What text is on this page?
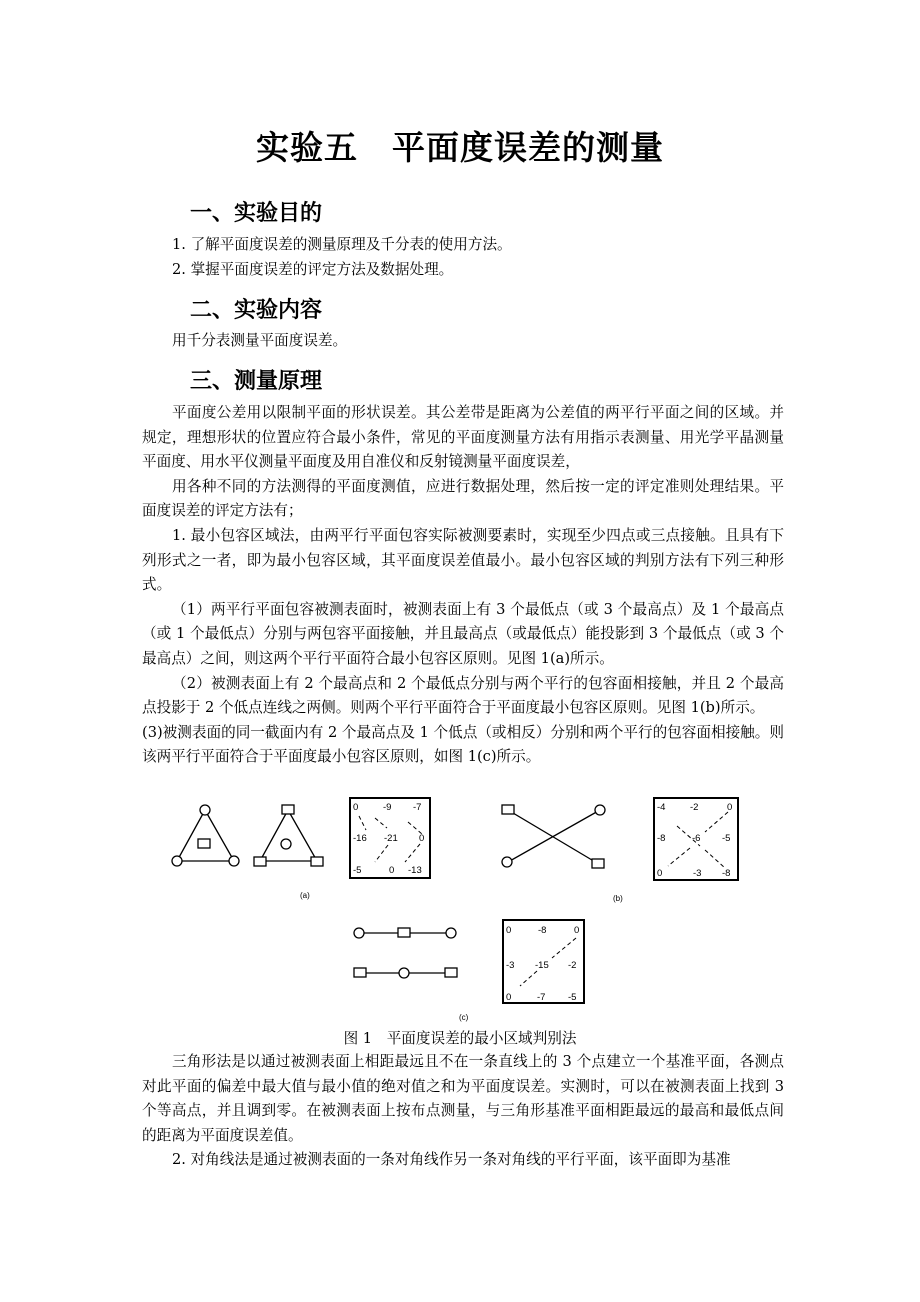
实验五　平面度误差的测量
一、实验目的
1. 了解平面度误差的测量原理及千分表的使用方法。
2. 掌握平面度误差的评定方法及数据处理。
二、实验内容
用千分表测量平面度误差。
三、测量原理

平面度公差用以限制平面的形状误差。其公差带是距离为公差值的两平行平面之间的区域。并规定，理想形状的位置应符合最小条件，常见的平面度测量方法有用指示表测量、用光学平晶测量平面度、用水平仪测量平面度及用自准仪和反射镜测量平面度误差，

用各种不同的方法测得的平面度测值，应进行数据处理，然后按一定的评定准则处理结果。平面度误差的评定方法有；

1. 最小包容区域法，由两平行平面包容实际被测要素时，实现至少四点或三点接触。且具有下列形式之一者，即为最小包容区域，其平面度误差值最小。最小包容区域的判别方法有下列三种形式。

（1）两平行平面包容被测表面时，被测表面上有 3 个最低点（或 3 个最高点）及 1 个最高点（或 1 个最低点）分别与两包容平面接触，并且最高点（或最低点）能投影到 3 个最低点（或 3 个最高点）之间，则这两个平行平面符合最小包容区原则。见图 1(a)所示。

（2）被测表面上有 2 个最高点和 2 个最低点分别与两个平行的包容面相接触，并且 2 个最高点投影于 2 个低点连线之两侧。则两个平行平面符合于平面度最小包容区原则。见图 1(b)所示。

(3)被测表面的同一截面内有 2 个最高点及 1 个低点（或相反）分别和两个平行的包容面相接触。则该两平行平面符合于平面度最小包容区原则，如图 1(c)所示。

0	-9 -7
-16 -21 0
-5	0 -13
(a)
-4	-2	0
-8	-6 -5
0	-3 -8
(b)
0	-8	0
-3 -15 -2
0	-7 -5
(c)
图 1　平面度误差的最小区域判别法

三角形法是以通过被测表面上相距最远且不在一条直线上的 3 个点建立一个基准平面，各测点对此平面的偏差中最大值与最小值的绝对值之和为平面度误差。实测时，可以在被测表面上找到 3 个等高点，并且调到零。在被测表面上按布点测量，与三角形基准平面相距最远的最高和最低点间的距离为平面度误差值。

2. 对角线法是通过被测表面的一条对角线作另一条对角线的平行平面，该平面即为基准
